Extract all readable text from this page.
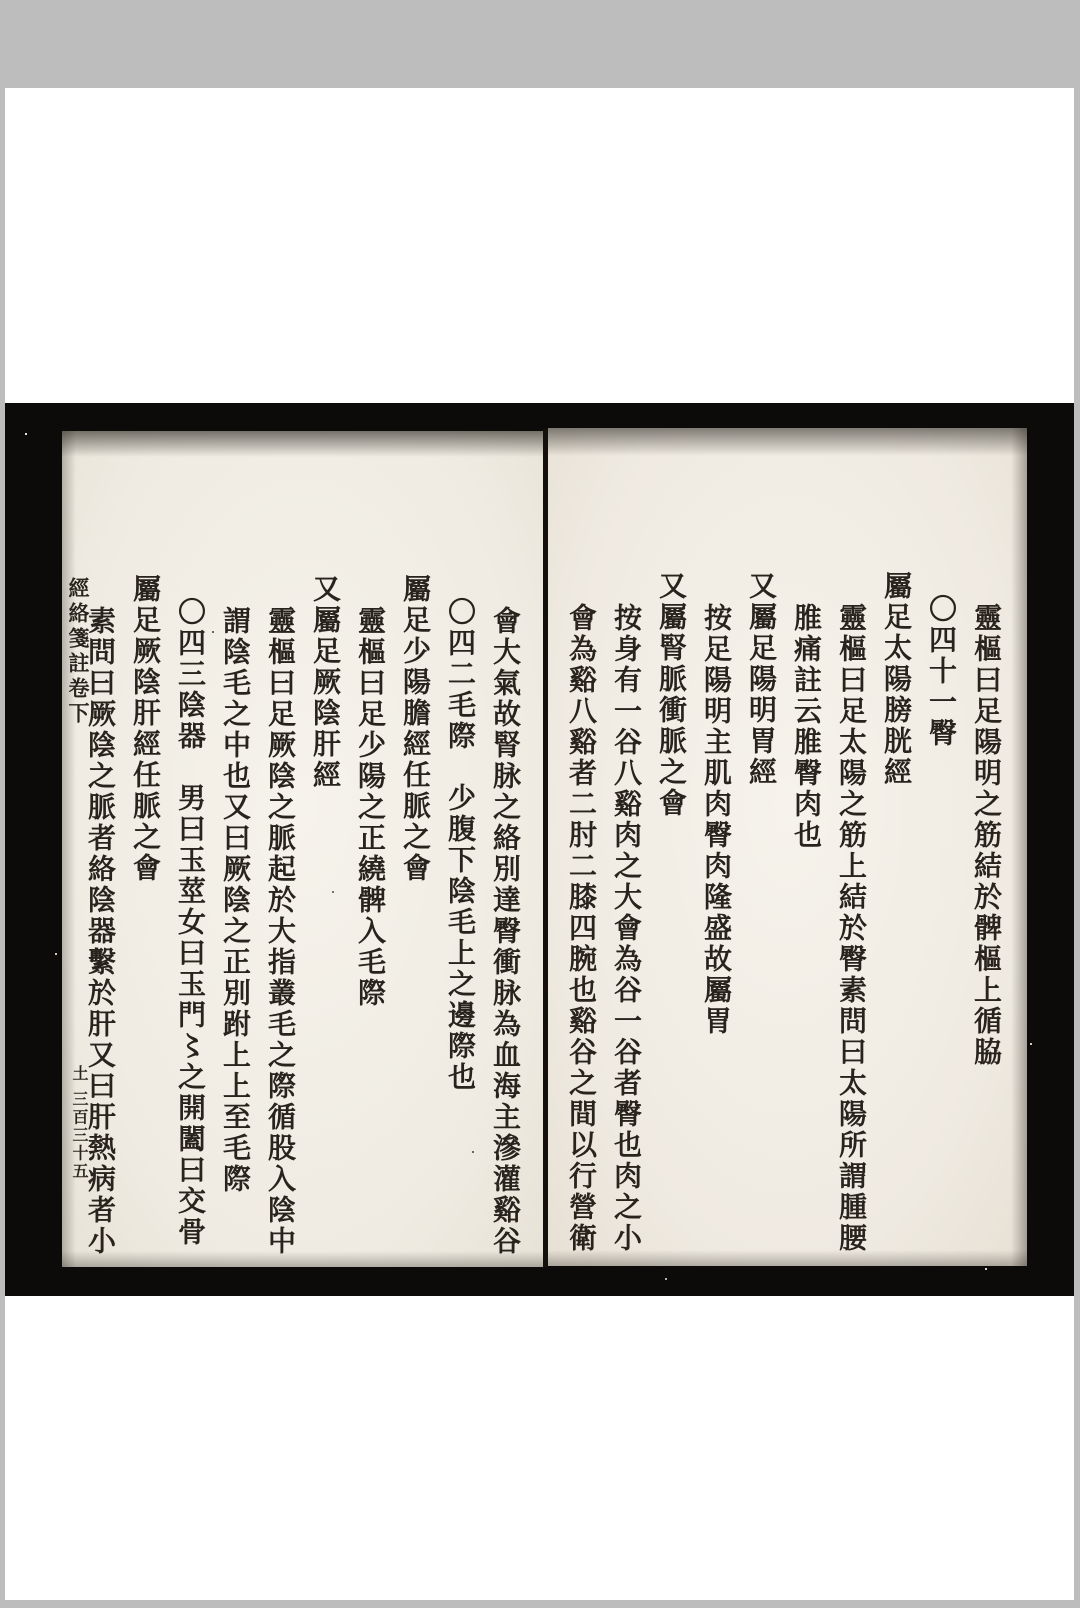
會大氣故腎脉之絡別達臀衝脉為血海主滲灌谿谷
〇四二毛際　少腹下陰毛上之邊際也
屬足少陽膽經任脈之會
靈樞曰足少陽之正繞髀入毛際
又屬足厥陰肝經
靈樞曰足厥陰之脈起於大指叢毛之際循股入陰中
謂陰毛之中也又曰厥陰之正別跗上上至毛際
〇四三陰器　男曰玉莖女曰玉門〻之開闔曰交骨
屬足厥陰肝經任脈之會
素問曰厥陰之脈者絡陰器繫於肝又曰肝熱病者小
經絡箋註卷下
土 三百三十五
靈樞曰足陽明之筋結於髀樞上循脇
〇四十一臀
屬足太陽膀胱經
靈樞曰足太陽之筋上結於臀素問曰太陽所謂腫腰
脽痛註云脽臀肉也
又屬足陽明胃經
按足陽明主肌肉臀肉隆盛故屬胃
又屬腎脈衝脈之會
按身有一谷八谿肉之大會為谷一谷者臀也肉之小
會為谿八谿者二肘二膝四腕也谿谷之間以行營衛
